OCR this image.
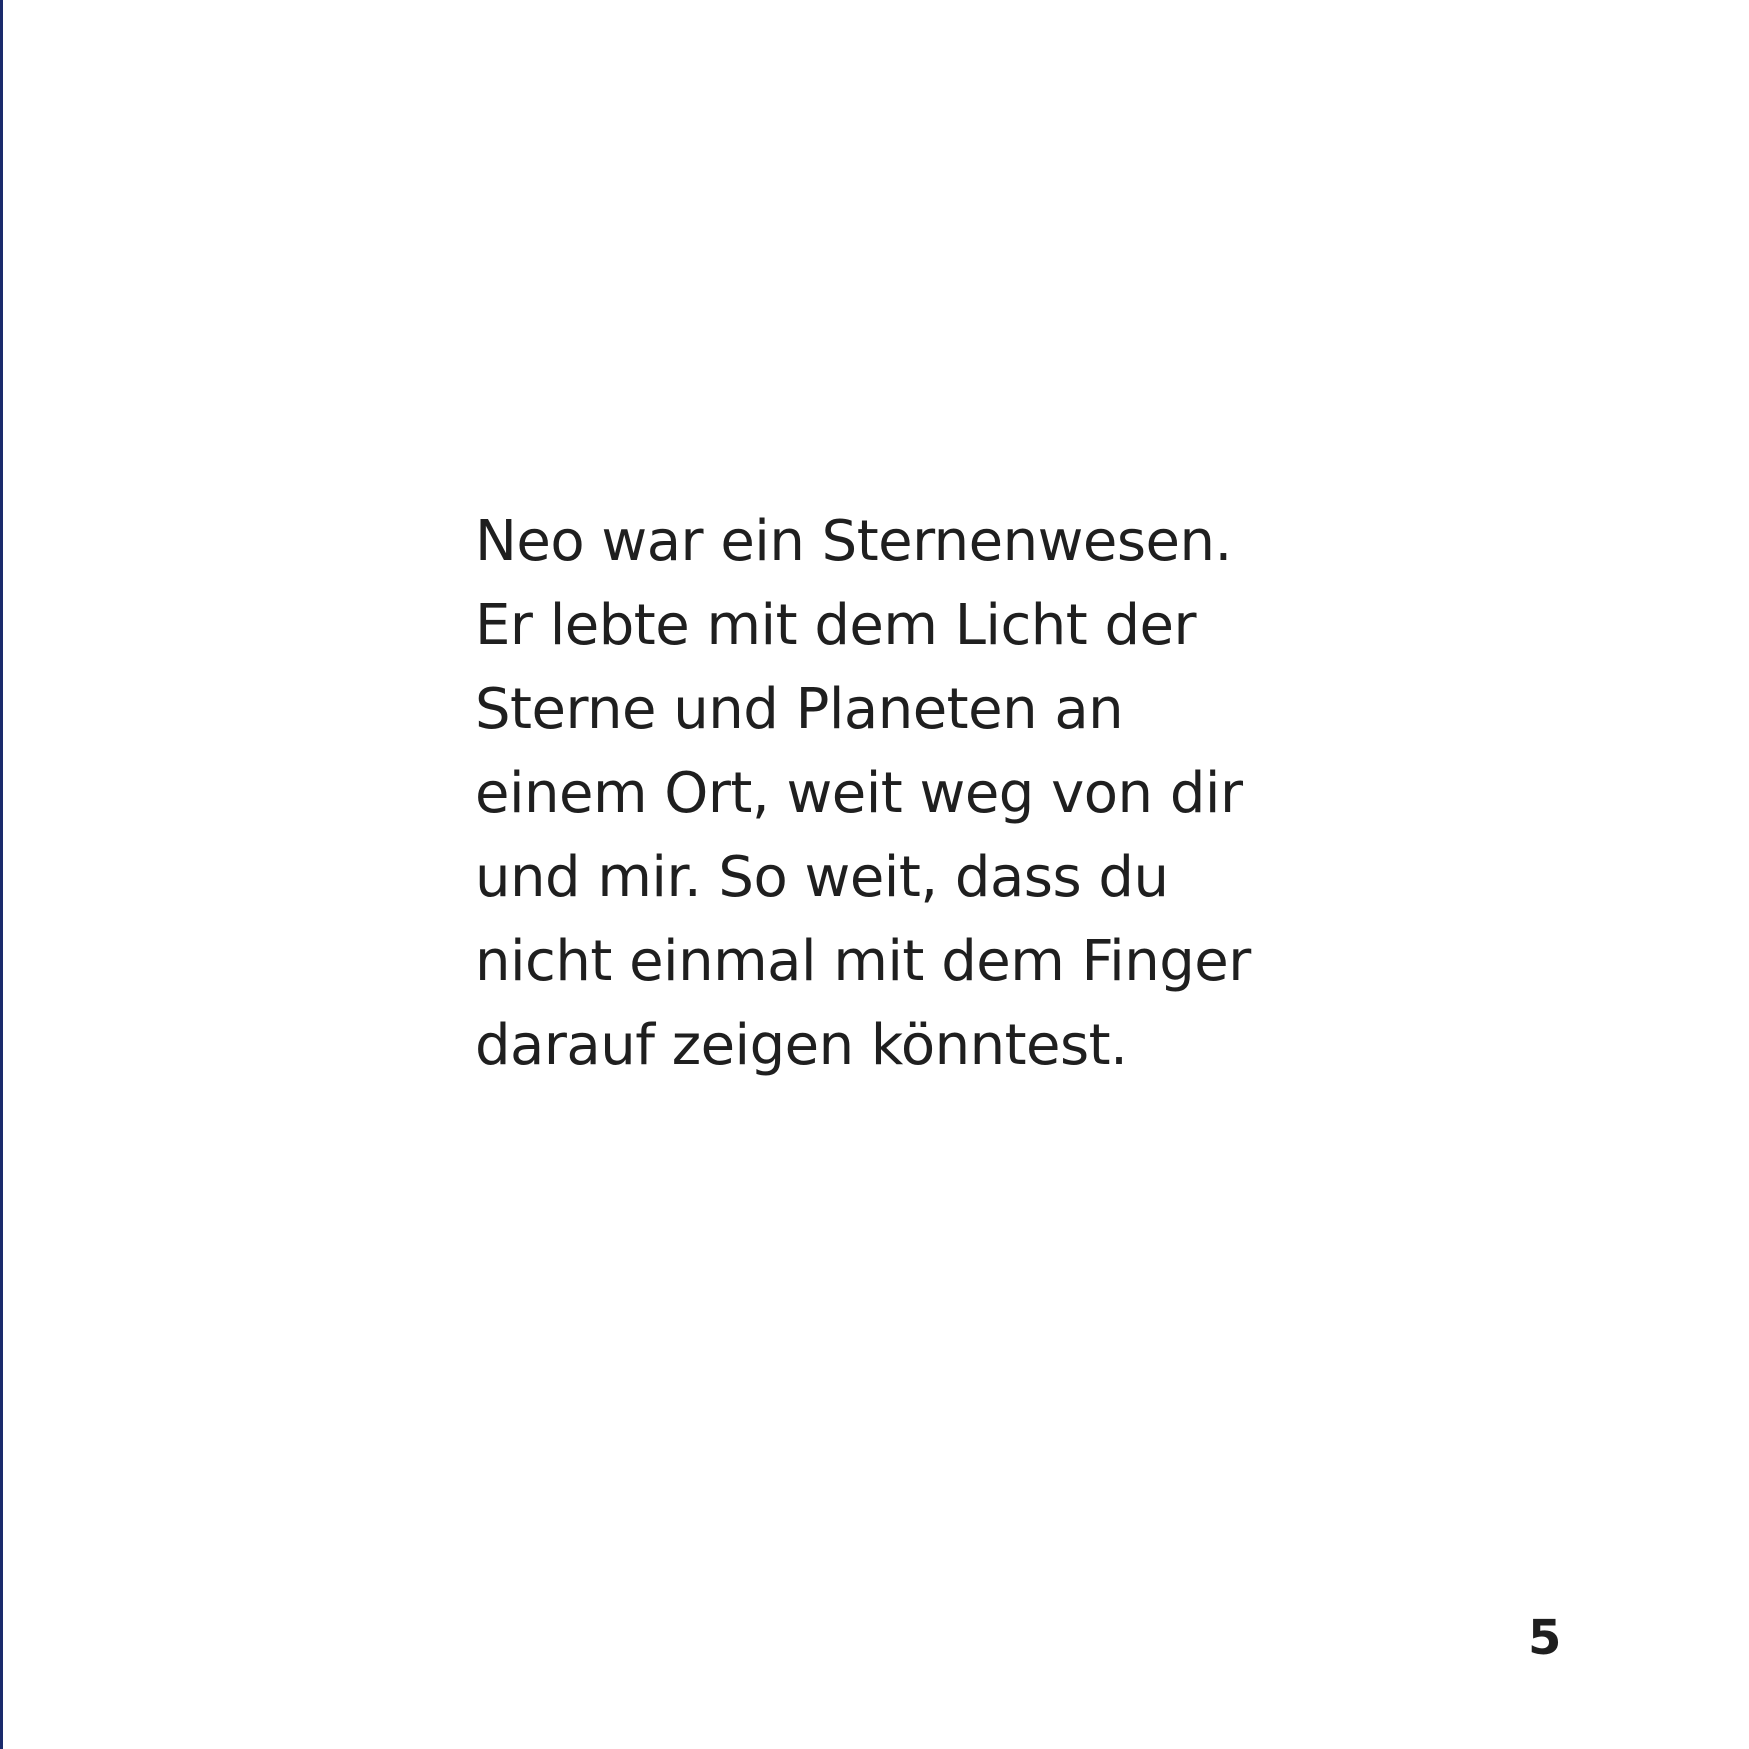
Neo war ein Sternenwesen.
Er lebte mit dem Licht der
Sterne und Planeten an
einem Ort, weit weg von dir
und mir. So weit, dass du
nicht einmal mit dem Finger
darauf zeigen könntest.
5
